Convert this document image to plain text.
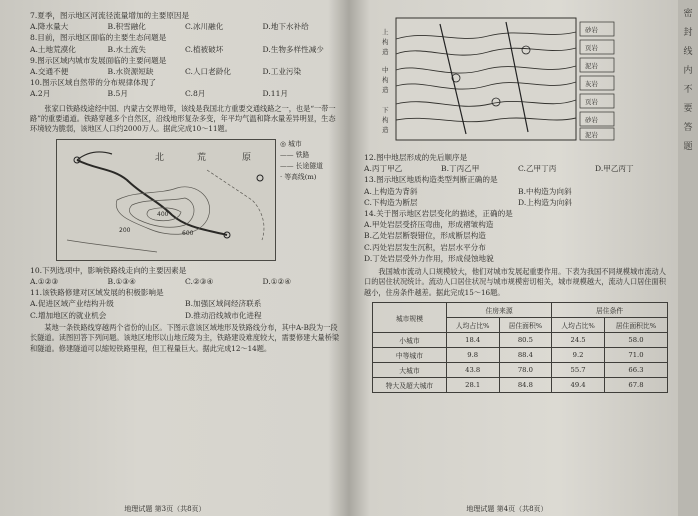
7.夏季，图示地区河流径流量增加的主要原因是
A.降水量大	B.积雪融化	C.冰川融化	D.地下水补给
8.目前，图示地区面临的主要生态问题是
A.土地荒漠化	B.水土流失	C.植被破坏	D.生物多样性减少
9.图示区域内城市发展面临的主要问题是
A.交通不便	B.水资源短缺	C.人口老龄化	D.工业污染
10.图示区域自然带的分布规律体现了
A.2月	B.5月	C.8月	D.11月
张家口铁路线途经中国、内蒙古交界地带，该线是我国北方重要交通线路之一，也是“一带一路”的重要通道。铁路穿越多个自然区，沿线地形复杂多变，年平均气温和降水量差异明显，生态环境较为脆弱，该地区人口约2000万人。据此完成10～11题。
北	荒	原
200
400
600
◎ 城市
—— 铁路
—— 长途隧道
· 等高线(m)
10.下列选项中，影响铁路线走向的主要因素是
A.①②③	B.①③④	C.②③④	D.①②④
11.该铁路修建对区域发展的积极影响是
A.促进区域产业结构升级	B.加强区域间经济联系
C.增加地区的就业机会	D.推动沿线城市化进程
某地一条铁路线穿越两个省份的山区。下图示意该区域地形及铁路线分布，其中A-B段为一段长隧道。读图回答下列问题。该地区地形以山地丘陵为主，铁路建设难度较大，需要修建大量桥梁和隧道。修建隧道可以缩短铁路里程，但工程量巨大。据此完成12～14题。
地理试题 第3页（共8页）
上
构
造
中
构
造
下
构
造
砂岩
页岩
泥岩
灰岩
页岩
砂岩
泥岩
12.图中地层形成的先后顺序是
A.丙丁甲乙	B.丁丙乙甲	C.乙甲丁丙	D.甲乙丙丁
13.图示地区地质构造类型判断正确的是
A.上构造为背斜	B.中构造为向斜
C.下构造为断层	D.上构造为向斜
14.关于图示地区岩层变化的描述，正确的是
A.甲处岩层受挤压弯曲，形成褶皱构造
B.乙处岩层断裂错位，形成断层构造
C.丙处岩层发生沉积，岩层水平分布
D.丁处岩层受外力作用，形成侵蚀地貌
我国城市流动人口规模较大，他们对城市发展起重要作用。下表为我国不同规模城市流动人口的居住状况统计。流动人口居住状况与城市规模密切相关，城市规模越大，流动人口居住面积越小，住房条件越差。据此完成15～16题。
城市规模	住房来源		居住条件	
	人均占比%	居住面积%	人均占比%	居住面积比%
小城市	18.4	80.5	24.5	58.0
中等城市	9.8	88.4	9.2	71.0
大城市	43.8	78.0	55.7	66.3
特大及超大城市	28.1	84.8	49.4	67.8
地理试题 第4页（共8页）
密
封
线
内
不
要
答
题
